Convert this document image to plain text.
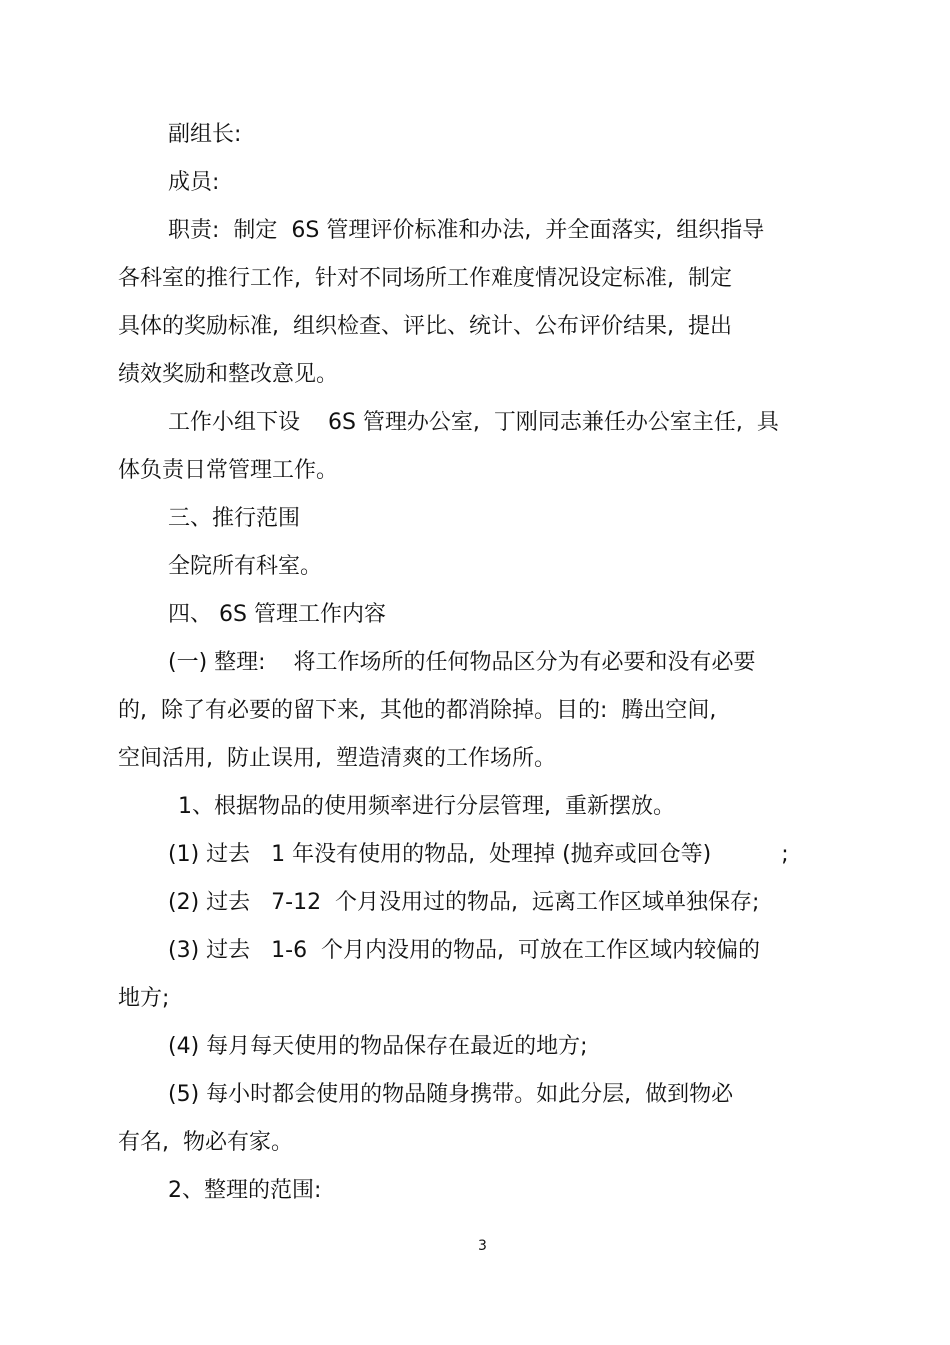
副组长:
成员:
职责:  制定  6S 管理评价标准和办法,  并全面落实,  组织指导
各科室的推行工作,  针对不同场所工作难度情况设定标准,  制定
具体的奖励标准,  组织检查、评比、统计、公布评价结果,  提出
绩效奖励和整改意见。
工作小组下设    6S 管理办公室,  丁刚同志兼任办公室主任,  具
体负责日常管理工作。
三、推行范围
全院所有科室。
四、 6S 管理工作内容
(一) 整理:    将工作场所的任何物品区分为有必要和没有必要
的,  除了有必要的留下来,  其他的都消除掉。目的:  腾出空间,
空间活用,  防止误用,  塑造清爽的工作场所。
1、根据物品的使用频率进行分层管理,  重新摆放。
(1) 过去   1 年没有使用的物品,  处理掉 (抛弃或回仓等)          ;
(2) 过去   7-12  个月没用过的物品,  远离工作区域单独保存;
(3) 过去   1-6  个月内没用的物品,  可放在工作区域内较偏的
地方;
(4) 每月每天使用的物品保存在最近的地方;
(5) 每小时都会使用的物品随身携带。如此分层,  做到物必
有名,  物必有家。
2、整理的范围:
3
